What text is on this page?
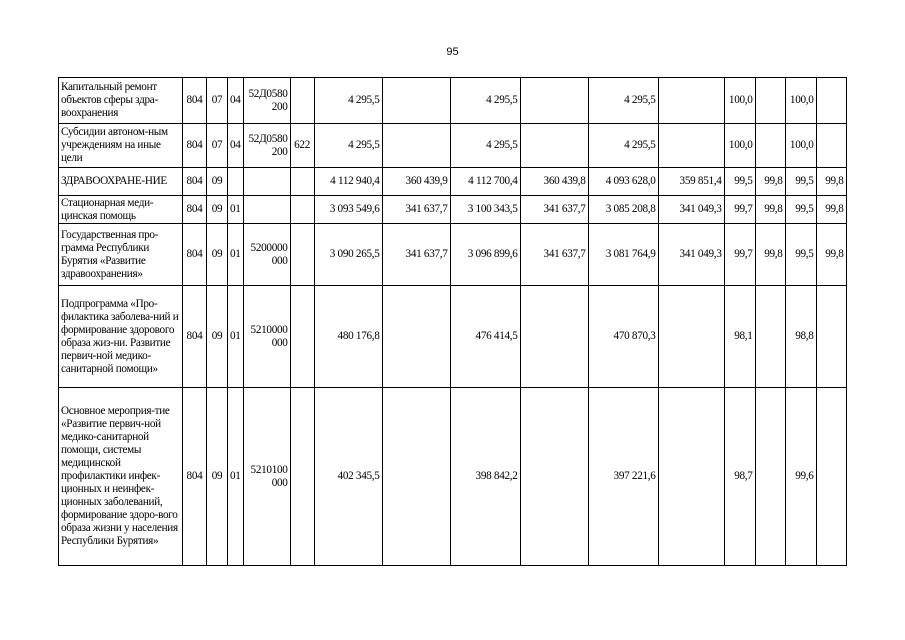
95
Капитальный ремонт объектов сферы здра-воохранения	804	07	04	52Д0580 200		4 295,5		4 295,5		4 295,5		100,0		100,0	
Субсидии автоном-ным учреждениям на иные цели	804	07	04	52Д0580 200	622	4 295,5		4 295,5		4 295,5		100,0		100,0	
ЗДРАВООХРАНЕ-НИЕ	804	09				4 112 940,4	360 439,9	4 112 700,4	360 439,8	4 093 628,0	359 851,4	99,5	99,8	99,5	99,8
Стационарная меди-цинская помощь	804	09	01			3 093 549,6	341 637,7	3 100 343,5	341 637,7	3 085 208,8	341 049,3	99,7	99,8	99,5	99,8
Государственная про-грамма Республики Бурятия «Развитие здравоохранения»	804	09	01	5200000 000		3 090 265,5	341 637,7	3 096 899,6	341 637,7	3 081 764,9	341 049,3	99,7	99,8	99,5	99,8
Подпрограмма «Про-филактика заболева-ний и формирование здорового образа жиз-ни. Развитие первич-ной медико-санитарной помощи»	804	09	01	5210000 000		480 176,8		476 414,5		470 870,3		98,1		98,8	
Основное мероприя-тие «Развитие первич-ной медико-санитарной помощи, системы медицинской профилактики инфек-ционных и неинфек-ционных заболеваний, формирование здоро-вого образа жизни у населения Республики Бурятия»	804	09	01	5210100 000		402 345,5		398 842,2		397 221,6		98,7		99,6	
